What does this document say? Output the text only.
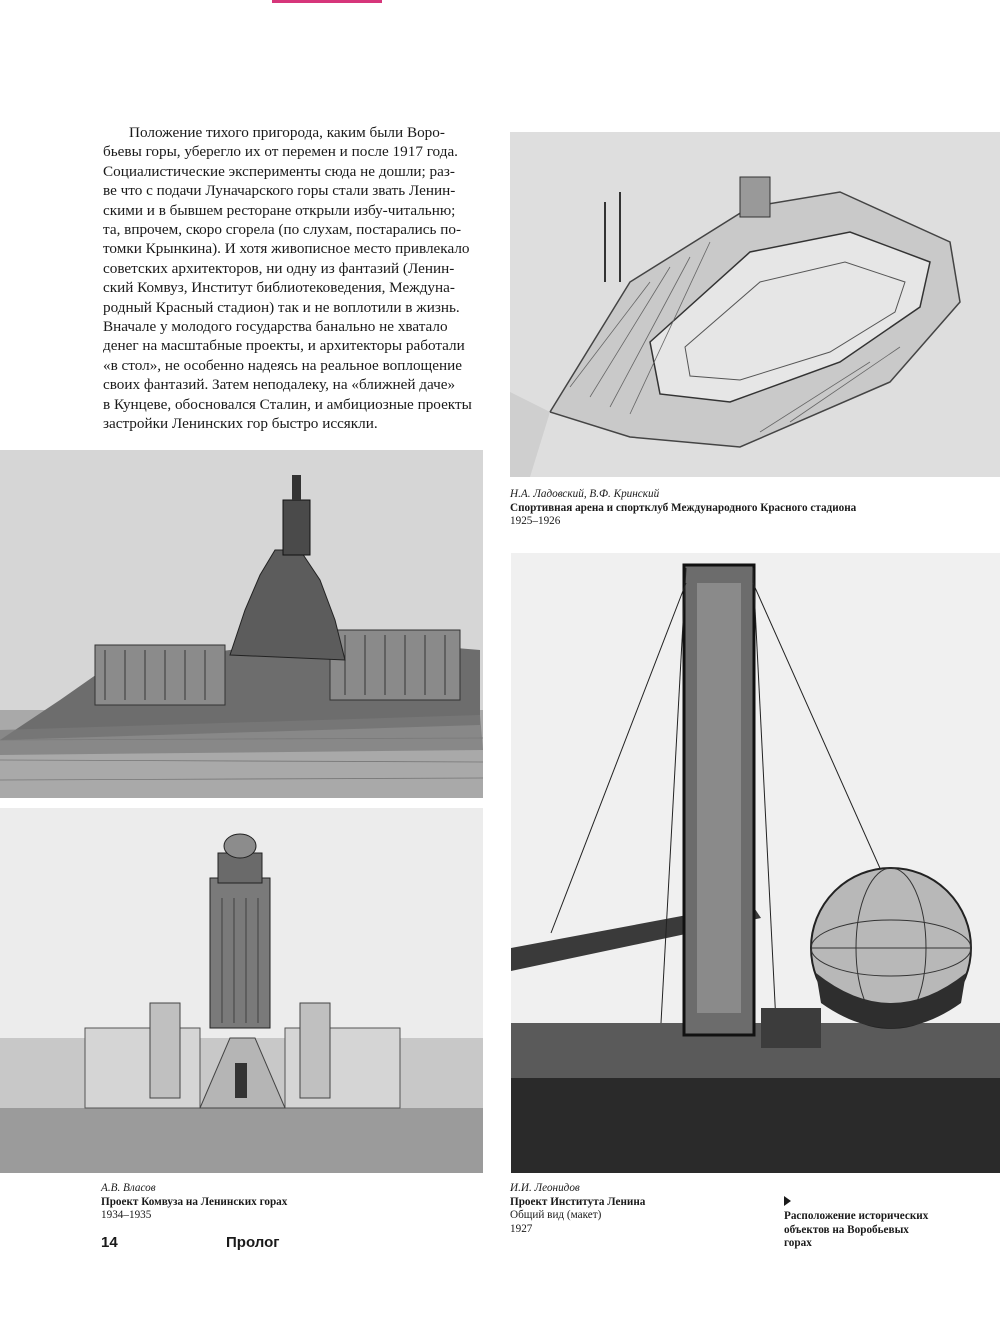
Положение тихого пригорода, каким были Воро-
бьевы горы, уберегло их от перемен и после 1917 года.
Социалистические эксперименты сюда не дошли; раз-
ве что с подачи Луначарского горы стали звать Ленин-
скими и в бывшем ресторане открыли избу-читальню;
та, впрочем, скоро сгорела (по слухам, постарались по-
томки Крынкина). И хотя живописное место привлекало
советских архитекторов, ни одну из фантазий (Ленин-
ский Комвуз, Институт библиотековедения, Междуна-
родный Красный стадион) так и не воплотили в жизнь.
Вначале у молодого государства банально не хватало
денег на масштабные проекты, и архитекторы работали
«в стол», не особенно надеясь на реальное воплощение
своих фантазий. Затем неподалеку, на «ближней даче»
в Кунцеве, обосновался Сталин, и амбициозные проекты
застройки Ленинских гор быстро иссякли.
Н.А. Ладовский, В.Ф. Кринский
Спортивная арена и спортклуб Международного Красного стадиона
1925–1926
А.В. Власов
Проект Комвуза на Ленинских горах
1934–1935
И.И. Леонидов
Проект Института Ленина
Общий вид (макет)
1927
Расположение исторических
объектов на Воробьевых
горах
14	Пролог
